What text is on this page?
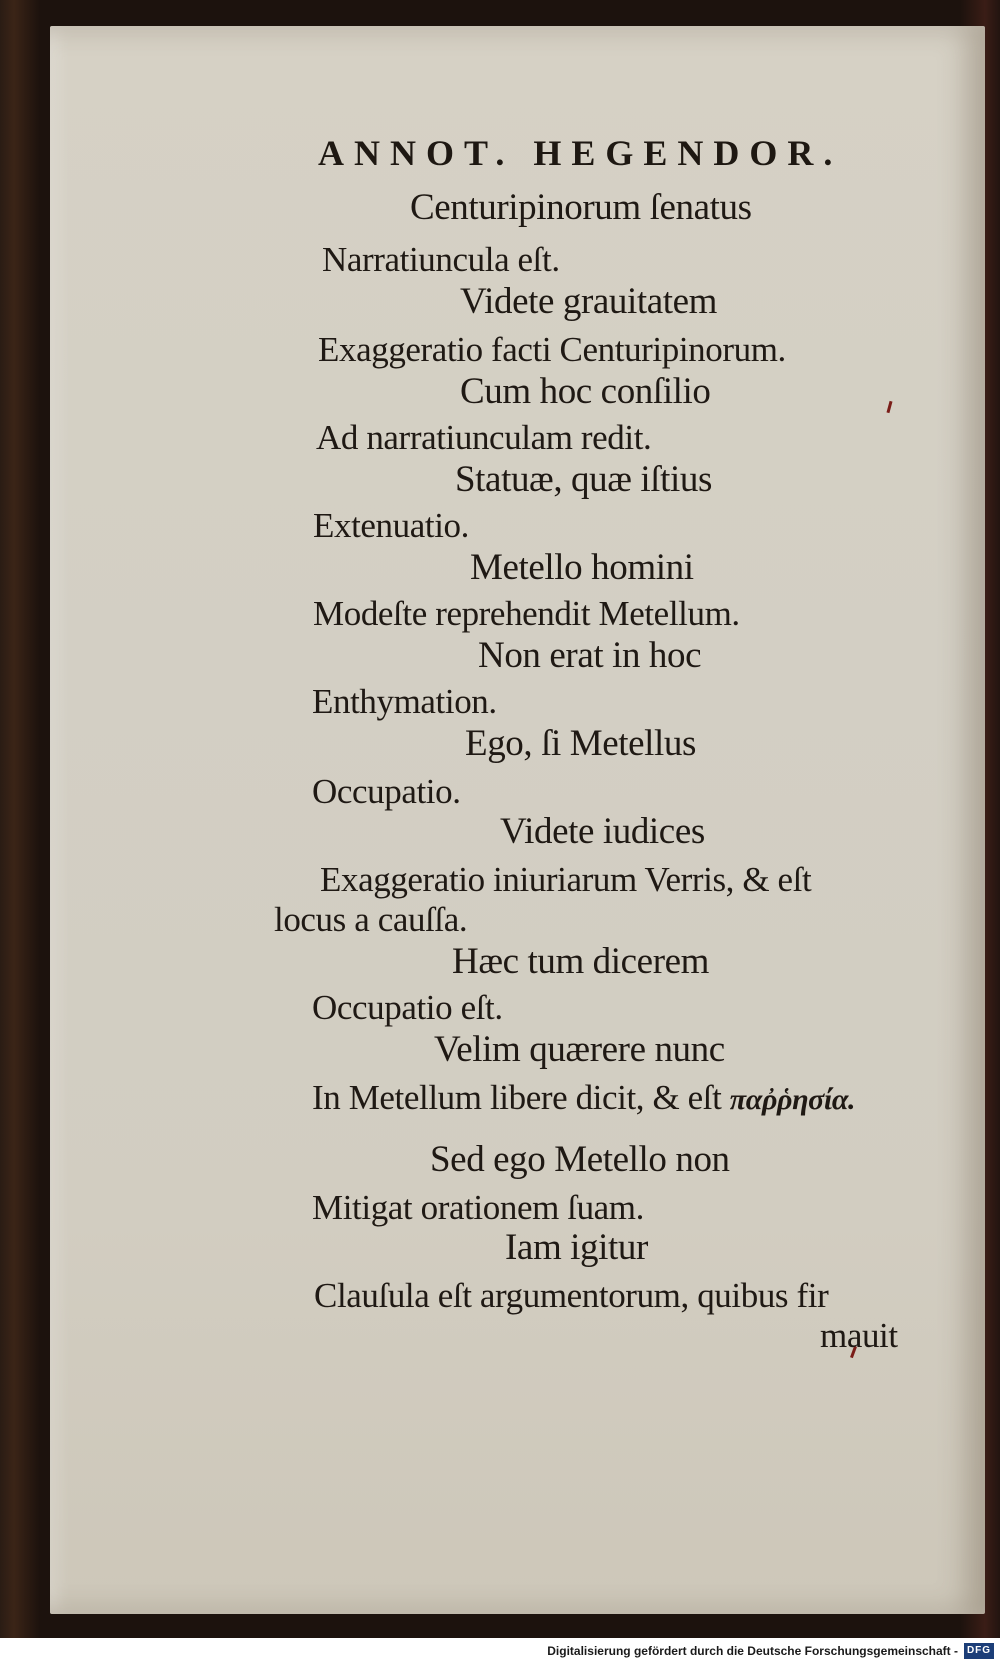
ANNOT. HEGENDOR.
Centuripinorum ſenatus
Narratiuncula eſt.
Videte grauitatem
Exaggeratio facti Centuripinorum.
Cum hoc conſilio
Ad narratiunculam redit.
Statuæ, quæ iſtius
Extenuatio.
Metello homini
Modeſte reprehendit Metellum.
Non erat in hoc
Enthymation.
Ego, ſi Metellus
Occupatio.
Videte iudices
Exaggeratio iniuriarum Verris, & eſt
locus a cauſſa.
Hæc tum dicerem
Occupatio eſt.
Velim quærere nunc
In Metellum libere dicit, & eſt παῤῥησία.
Sed ego Metello non
Mitigat orationem ſuam.
Iam igitur
Clauſula eſt argumentorum, quibus fir
mauit
Digitalisierung gefördert durch die Deutsche Forschungsgemeinschaft - DFG
